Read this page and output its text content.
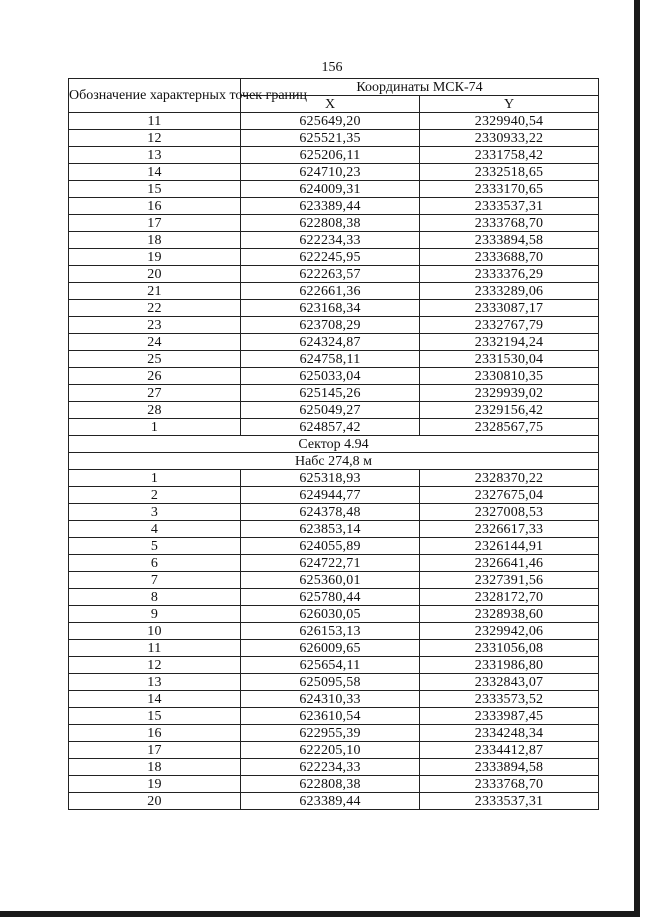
156
Обозначение характерных точек границ	Координаты МСК-74	
	X	Y
11	625649,20	2329940,54
12	625521,35	2330933,22
13	625206,11	2331758,42
14	624710,23	2332518,65
15	624009,31	2333170,65
16	623389,44	2333537,31
17	622808,38	2333768,70
18	622234,33	2333894,58
19	622245,95	2333688,70
20	622263,57	2333376,29
21	622661,36	2333289,06
22	623168,34	2333087,17
23	623708,29	2332767,79
24	624324,87	2332194,24
25	624758,11	2331530,04
26	625033,04	2330810,35
27	625145,26	2329939,02
28	625049,27	2329156,42
1	624857,42	2328567,75
Сектор 4.94		
Набс 274,8 м		
1	625318,93	2328370,22
2	624944,77	2327675,04
3	624378,48	2327008,53
4	623853,14	2326617,33
5	624055,89	2326144,91
6	624722,71	2326641,46
7	625360,01	2327391,56
8	625780,44	2328172,70
9	626030,05	2328938,60
10	626153,13	2329942,06
11	626009,65	2331056,08
12	625654,11	2331986,80
13	625095,58	2332843,07
14	624310,33	2333573,52
15	623610,54	2333987,45
16	622955,39	2334248,34
17	622205,10	2334412,87
18	622234,33	2333894,58
19	622808,38	2333768,70
20	623389,44	2333537,31
